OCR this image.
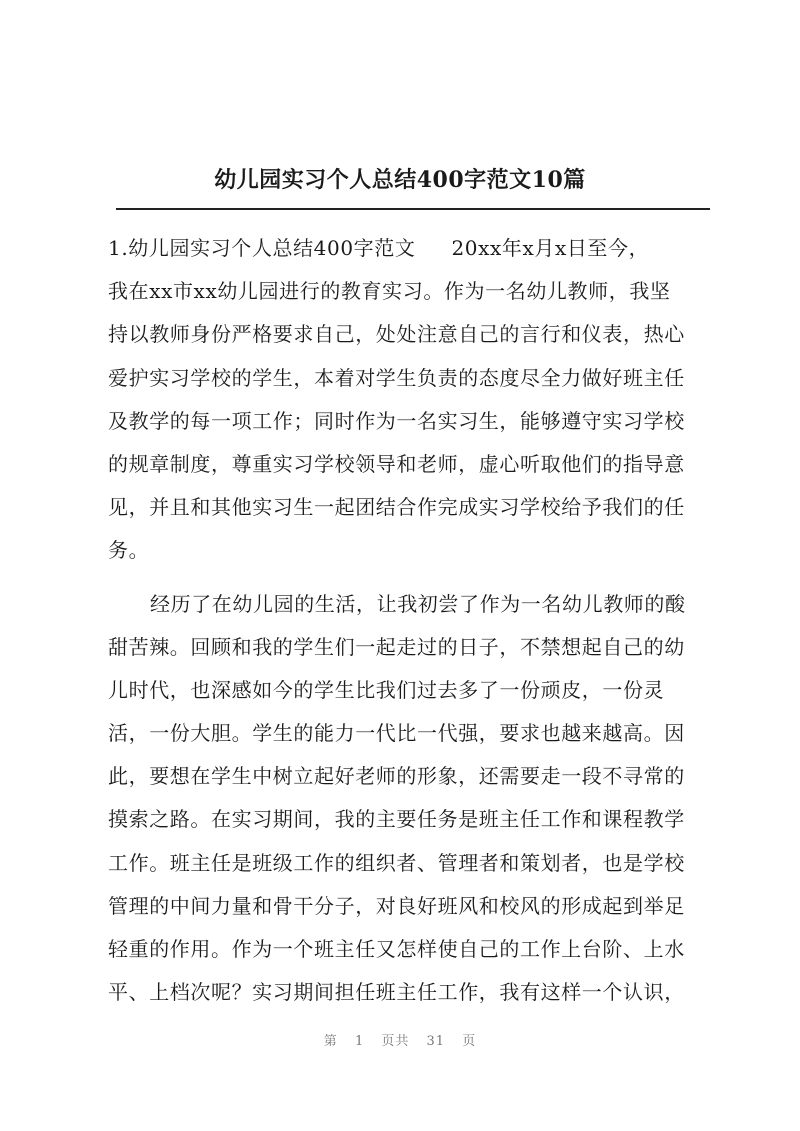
幼儿园实习个人总结400字范文10篇
1.幼儿园实习个人总结400字范文 20xx年x月x日至今，
我在xx市xx幼儿园进行的教育实习。作为一名幼儿教师，我坚
持以教师身份严格要求自己，处处注意自己的言行和仪表，热心
爱护实习学校的学生，本着对学生负责的态度尽全力做好班主任
及教学的每一项工作；同时作为一名实习生，能够遵守实习学校
的规章制度，尊重实习学校领导和老师，虚心听取他们的指导意
见，并且和其他实习生一起团结合作完成实习学校给予我们的任
务。
经历了在幼儿园的生活，让我初尝了作为一名幼儿教师的酸
甜苦辣。回顾和我的学生们一起走过的日子，不禁想起自己的幼
儿时代，也深感如今的学生比我们过去多了一份顽皮，一份灵
活，一份大胆。学生的能力一代比一代强，要求也越来越高。因
此，要想在学生中树立起好老师的形象，还需要走一段不寻常的
摸索之路。在实习期间，我的主要任务是班主任工作和课程教学
工作。班主任是班级工作的组织者、管理者和策划者，也是学校
管理的中间力量和骨干分子，对良好班风和校风的形成起到举足
轻重的作用。作为一个班主任又怎样使自己的工作上台阶、上水
平、上档次呢？实习期间担任班主任工作，我有这样一个认识，
第 1 页共 31 页
